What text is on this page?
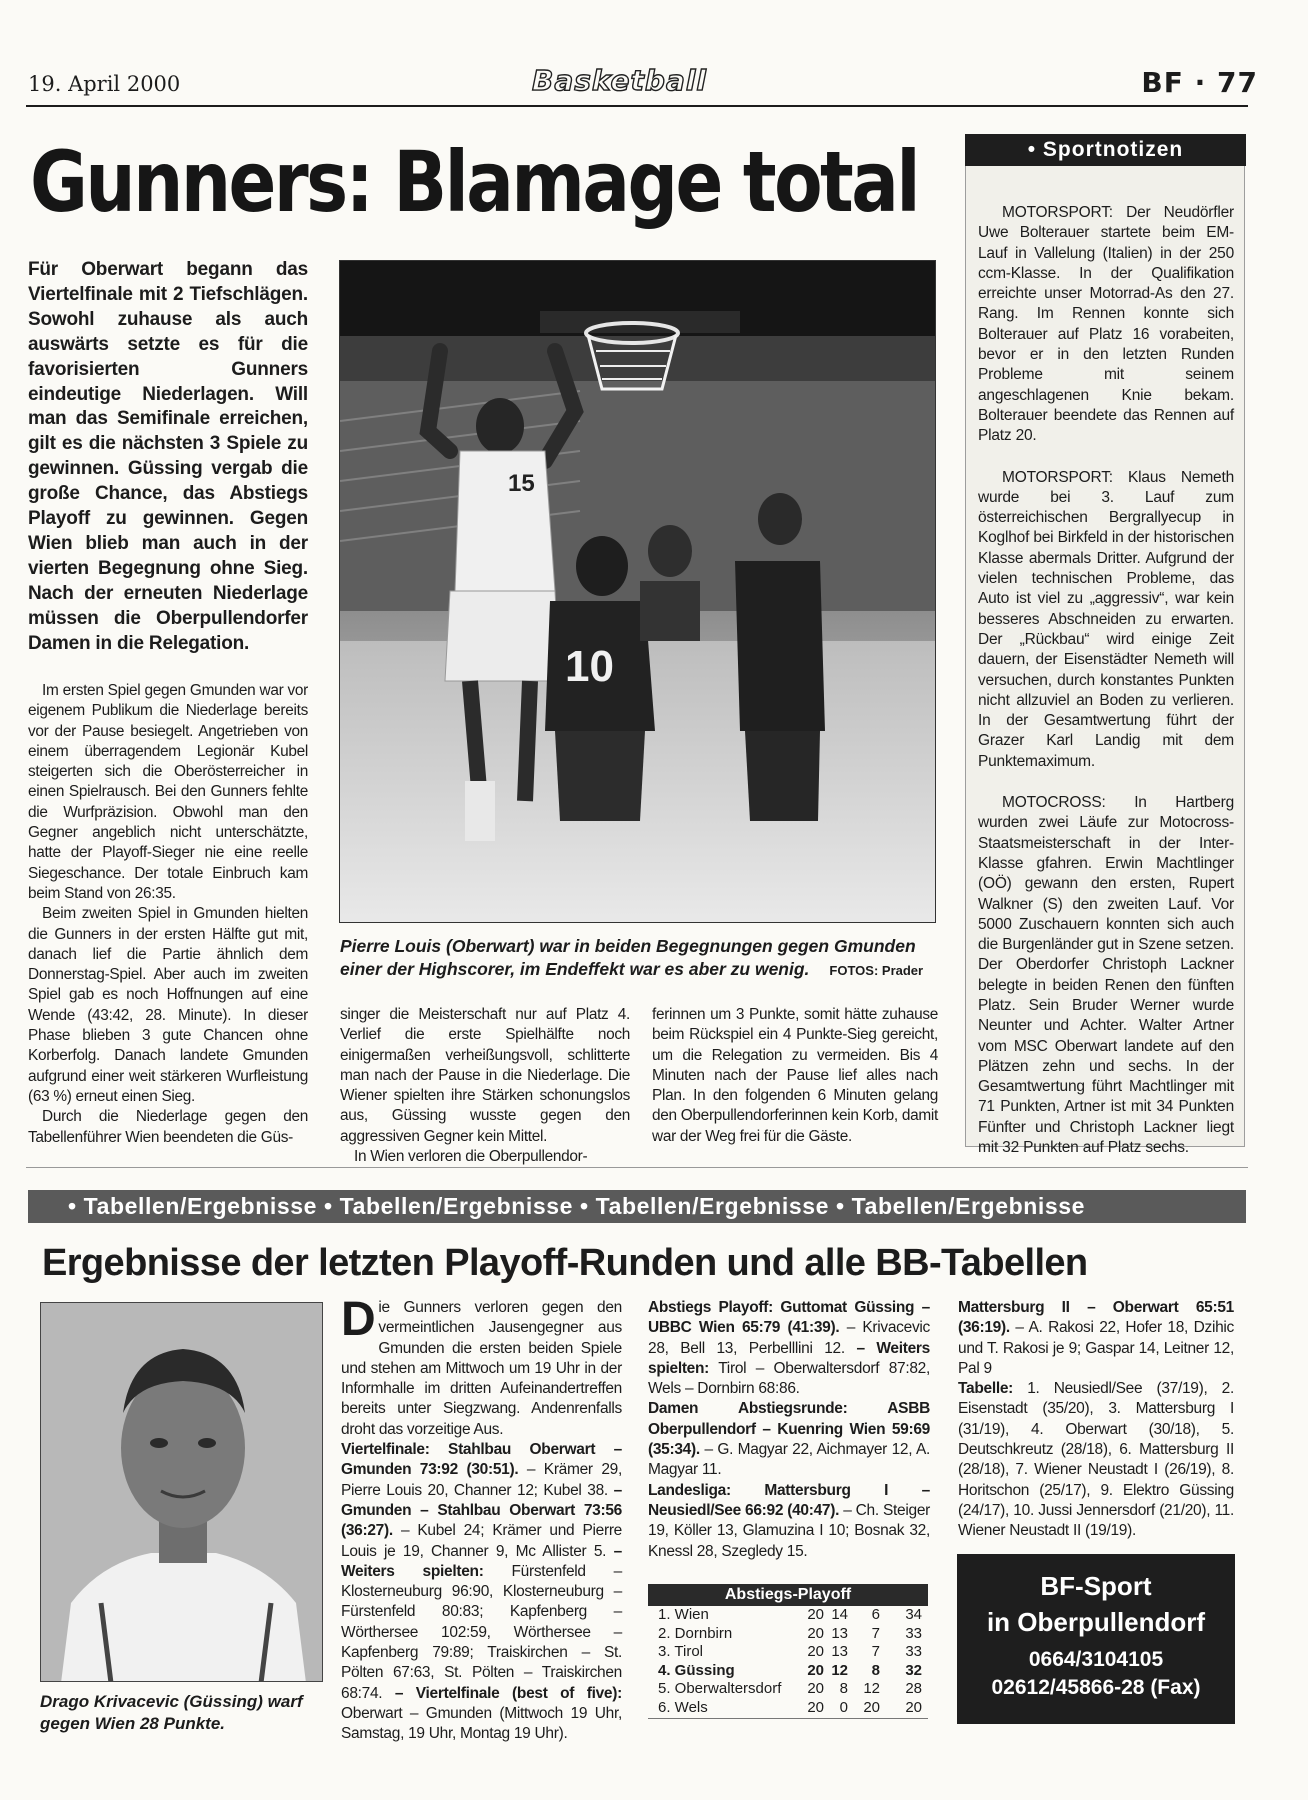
19. April 2000	Basketball	BF · 77
Gunners: Blamage total
Für Oberwart begann das Viertelfinale mit 2 Tiefschlägen. Sowohl zuhause als auch auswärts setzte es für die favorisierten Gunners eindeutige Niederlagen. Will man das Semifinale erreichen, gilt es die nächsten 3 Spiele zu gewinnen. Güssing vergab die große Chance, das Abstiegs Playoff zu gewinnen. Gegen Wien blieb man auch in der vierten Begegnung ohne Sieg. Nach der erneuten Niederlage müssen die Oberpullendorfer Damen in die Relegation.

Im ersten Spiel gegen Gmunden war vor eigenem Publikum die Niederlage bereits vor der Pause besiegelt. Angetrieben von einem überragendem Legionär Kubel steigerten sich die Oberösterreicher in einen Spielrausch. Bei den Gunners fehlte die Wurfpräzision. Obwohl man den Gegner angeblich nicht unterschätzte, hatte der Playoff-Sieger nie eine reelle Siegeschance. Der totale Einbruch kam beim Stand von 26:35.

Beim zweiten Spiel in Gmunden hielten die Gunners in der ersten Hälfte gut mit, danach lief die Partie ähnlich dem Donnerstag-Spiel. Aber auch im zweiten Spiel gab es noch Hoffnungen auf eine Wende (43:42, 28. Minute). In dieser Phase blieben 3 gute Chancen ohne Korberfolg. Danach landete Gmunden aufgrund einer weit stärkeren Wurfleistung (63 %) erneut einen Sieg.

Durch die Niederlage gegen den Tabellenführer Wien beendeten die Güs-

15
10
Pierre Louis (Oberwart) war in beiden Begegnungen gegen Gmunden einer der Highscorer, im Endeffekt war es aber zu wenig. FOTOS: Prader

singer die Meisterschaft nur auf Platz 4. Verlief die erste Spielhälfte noch einigermaßen verheißungsvoll, schlitterte man nach der Pause in die Niederlage. Die Wiener spielten ihre Stärken schonungslos aus, Güssing wusste gegen den aggressiven Gegner kein Mittel.

In Wien verloren die Oberpullendor-

ferinnen um 3 Punkte, somit hätte zuhause beim Rückspiel ein 4 Punkte-Sieg gereicht, um die Relegation zu vermeiden. Bis 4 Minuten nach der Pause lief alles nach Plan. In den folgenden 6 Minuten gelang den Oberpullendorferinnen kein Korb, damit war der Weg frei für die Gäste.

• Sportnotizen

MOTORSPORT: Der Neudörfler Uwe Bolterauer startete beim EM-Lauf in Vallelung (Italien) in der 250 ccm-Klasse. In der Qualifikation erreichte unser Motorrad-As den 27. Rang. Im Rennen konnte sich Bolterauer auf Platz 16 vorabeiten, bevor er in den letzten Runden Probleme mit seinem angeschlagenen Knie bekam. Bolterauer beendete das Rennen auf Platz 20.

MOTORSPORT: Klaus Nemeth wurde bei 3. Lauf zum österreichischen Bergrallyecup in Koglhof bei Birkfeld in der historischen Klasse abermals Dritter. Aufgrund der vielen technischen Probleme, das Auto ist viel zu „aggressiv“, war kein besseres Abschneiden zu erwarten. Der „Rückbau“ wird einige Zeit dauern, der Eisenstädter Nemeth will versuchen, durch konstantes Punkten nicht allzuviel an Boden zu verlieren. In der Gesamtwertung führt der Grazer Karl Landig mit dem Punktemaximum.

MOTOCROSS: In Hartberg wurden zwei Läufe zur Motocross-Staatsmeisterschaft in der Inter-Klasse gfahren. Erwin Machtlinger (OÖ) gewann den ersten, Rupert Walkner (S) den zweiten Lauf. Vor 5000 Zuschauern konnten sich auch die Burgenländer gut in Szene setzen. Der Oberdorfer Christoph Lackner belegte in beiden Renen den fünften Platz. Sein Bruder Werner wurde Neunter und Achter. Walter Artner vom MSC Oberwart landete auf den Plätzen zehn und sechs. In der Gesamtwertung führt Machtlinger mit 71 Punkten, Artner ist mit 34 Punkten Fünfter und Christoph Lackner liegt mit 32 Punkten auf Platz sechs.

• Tabellen/Ergebnisse • Tabellen/Ergebnisse • Tabellen/Ergebnisse • Tabellen/Ergebnisse
Ergebnisse der letzten Playoff-Runden und alle BB-Tabellen
Drago Krivacevic (Güssing) warf gegen Wien 28 Punkte.
Die Gunners verloren gegen den vermeintlichen Jausengegner aus Gmunden die ersten beiden Spiele und stehen am Mittwoch um 19 Uhr in der Informhalle im dritten Aufeinandertreffen bereits unter Siegzwang. Andenrenfalls droht das vorzeitige Aus.
Viertelfinale: Stahlbau Oberwart – Gmunden 73:92 (30:51). – Krämer 29, Pierre Louis 20, Channer 12; Kubel 38. – Gmunden – Stahlbau Oberwart 73:56 (36:27). – Kubel 24; Krämer und Pierre Louis je 19, Channer 9, Mc Allister 5. – Weiters spielten: Fürstenfeld – Klosterneuburg 96:90, Klosterneuburg – Fürstenfeld 80:83; Kapfenberg – Wörthersee 102:59, Wörthersee – Kapfenberg 79:89; Traiskirchen – St. Pölten 67:63, St. Pölten – Traiskirchen 68:74. – Viertelfinale (best of five): Oberwart – Gmunden (Mittwoch 19 Uhr, Samstag, 19 Uhr, Montag 19 Uhr).
Abstiegs Playoff: Guttomat Güssing – UBBC Wien 65:79 (41:39). – Krivacevic 28, Bell 13, Perbelllini 12. – Weiters spielten: Tirol – Oberwaltersdorf 87:82, Wels – Dornbirn 68:86.
Damen Abstiegsrunde: ASBB Oberpullendorf – Kuenring Wien 59:69 (35:34). – G. Magyar 22, Aichmayer 12, A. Magyar 11.
Landesliga: Mattersburg I – Neusiedl/See 66:92 (40:47). – Ch. Steiger 19, Köller 13, Glamuzina I 10; Bosnak 32, Knessl 28, Szegledy 15.
Abstiegs-Playoff
1. Wien	20 14	6	34
2. Dornbirn	20 13	7	33
3. Tirol	20 13	7	33
4. Güssing	20 12	8	32
5. Oberwaltersdorf	20	8	12	28
6. Wels	20	0	20	20
Mattersburg II – Oberwart 65:51 (36:19). – A. Rakosi 22, Hofer 18, Dzihic und T. Rakosi je 9; Gaspar 14, Leitner 12, Pal 9
Tabelle: 1. Neusiedl/See (37/19), 2. Eisenstadt (35/20), 3. Mattersburg I (31/19), 4. Oberwart (30/18), 5. Deutschkreutz (28/18), 6. Mattersburg II (28/18), 7. Wiener Neustadt I (26/19), 8. Horitschon (25/17), 9. Elektro Güssing (24/17), 10. Jussi Jennersdorf (21/20), 11. Wiener Neustadt II (19/19).
BF-Sport
in Oberpullendorf
0664/3104105
02612/45866-28 (Fax)
